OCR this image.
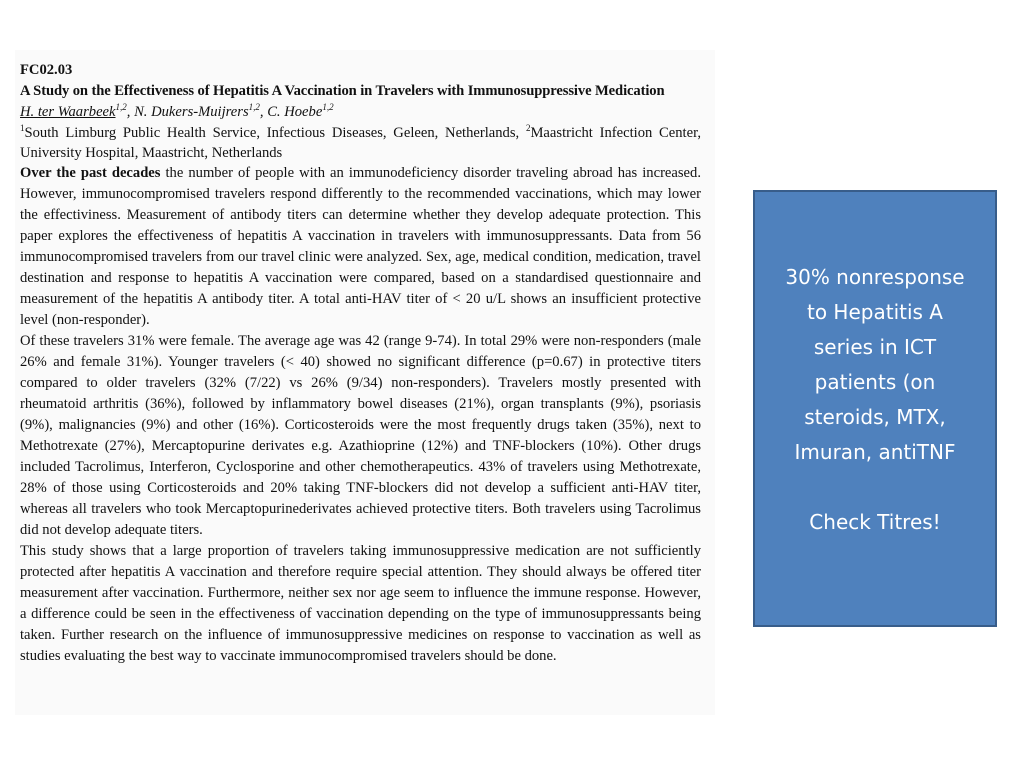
FC02.03

A Study on the Effectiveness of Hepatitis A Vaccination in Travelers with Immunosuppressive Medication

H. ter Waarbeek$^{1,2}$, N. Dukers-Muijrers$^{1,2}$, C. Hoebe$^{1,2}$

$^1$South Limburg Public Health Service, Infectious Diseases, Geleen, Netherlands, $^2$Maastricht Infection Center, University Hospital, Maastricht, Netherlands

Over the past decades the number of people with an immunodeficiency disorder traveling abroad has increased. However, immunocompromised travelers respond differently to the recommended vaccinations, which may lower the effectiviness. Measurement of antibody titers can determine whether they develop adequate protection. This paper explores the effectiveness of hepatitis A vaccination in travelers with immunosuppressants. Data from 56 immunocompromised travelers from our travel clinic were analyzed. Sex, age, medical condition, medication, travel destination and response to hepatitis A vaccination were compared, based on a standardised questionnaire and measurement of the hepatitis A antibody titer. A total anti-HAV titer of < 20 u/L shows an insufficient protective level (non-responder).

Of these travelers 31% were female. The average age was 42 (range 9-74). In total 29% were non-responders (male 26% and female 31%). Younger travelers (< 40) showed no significant difference (p=0.67) in protective titers compared to older travelers (32% (7/22) vs 26% (9/34) non-responders). Travelers mostly presented with rheumatoid arthritis (36%), followed by inflammatory bowel diseases (21%), organ transplants (9%), psoriasis (9%), malignancies (9%) and other (16%). Corticosteroids were the most frequently drugs taken (35%), next to Methotrexate (27%), Mercaptopurine derivates e.g. Azathioprine (12%) and TNF-blockers (10%). Other drugs included Tacrolimus, Interferon, Cyclosporine and other chemotherapeutics. 43% of travelers using Methotrexate, 28% of those using Corticosteroids and 20% taking TNF-blockers did not develop a sufficient anti-HAV titer, whereas all travelers who took Mercaptopurinederivates achieved protective titers. Both travelers using Tacrolimus did not develop adequate titers.

This study shows that a large proportion of travelers taking immunosuppressive medication are not sufficiently protected after hepatitis A vaccination and therefore require special attention. They should always be offered titer measurement after vaccination. Furthermore, neither sex nor age seem to influence the immune response. However, a difference could be seen in the effectiveness of vaccination depending on the type of immunosuppressants being taken. Further research on the influence of immunosuppressive medicines on response to vaccination as well as studies evaluating the best way to vaccinate immunocompromised travelers should be done.

30% nonresponse
to Hepatitis A
series in ICT
patients (on
steroids, MTX,
Imuran, antiTNF
Check Titres!
